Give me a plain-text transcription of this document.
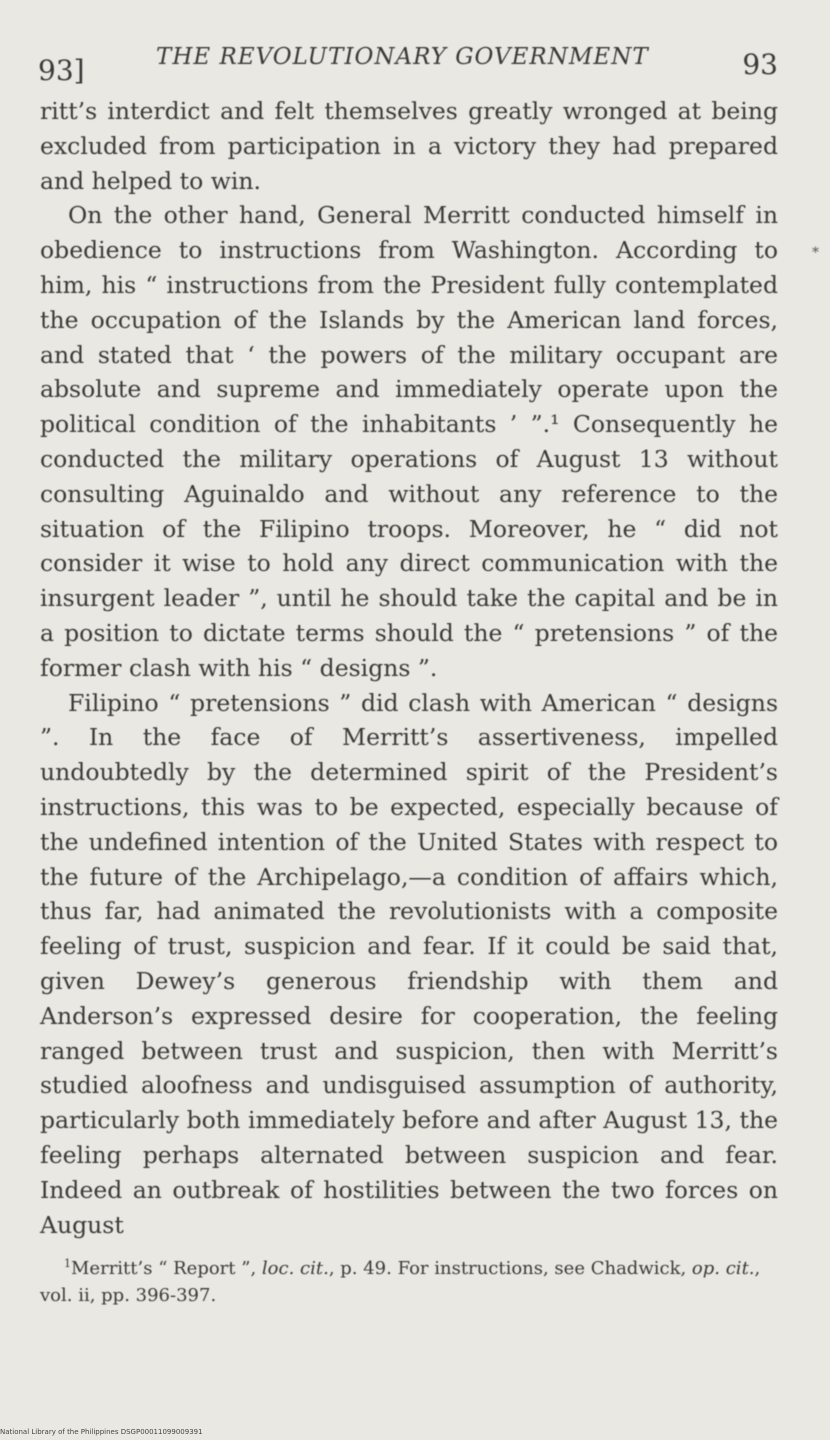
93]	THE REVOLUTIONARY GOVERNMENT	93

ritt’s interdict and felt themselves greatly wronged at being excluded from participation in a victory they had prepared and helped to win.

On the other hand, General Merritt conducted himself in obedience to instructions from Washington. According to him, his “ instructions from the President fully contemplated the occupation of the Islands by the American land forces, and stated that ‘ the powers of the military occupant are absolute and supreme and immediately operate upon the political condition of the inhabitants ’ ”.¹ Consequently he conducted the military operations of August 13 without consulting Aguinaldo and without any reference to the situation of the Filipino troops. Moreover, he “ did not consider it wise to hold any direct communication with the insurgent leader ”, until he should take the capital and be in a position to dictate terms should the “ pretensions ” of the former clash with his “ designs ”.

Filipino “ pretensions ” did clash with American “ designs ”. In the face of Merritt’s assertiveness, impelled undoubtedly by the determined spirit of the President’s instructions, this was to be expected, especially because of the undefined intention of the United States with respect to the future of the Archipelago,—a condition of affairs which, thus far, had animated the revolutionists with a composite feeling of trust, suspicion and fear. If it could be said that, given Dewey’s generous friendship with them and Anderson’s expressed desire for cooperation, the feeling ranged between trust and suspicion, then with Merritt’s studied aloofness and undisguised assumption of authority, particularly both immediately before and after August 13, the feeling perhaps alternated between suspicion and fear. Indeed an outbreak of hostilities between the two forces on August

$^1$Merritt’s “ Report ”, loc. cit., p. 49. For instructions, see Chadwick, op. cit., vol. ii, pp. 396-397.
*
National Library of the Philippines DSGP00011099009391
